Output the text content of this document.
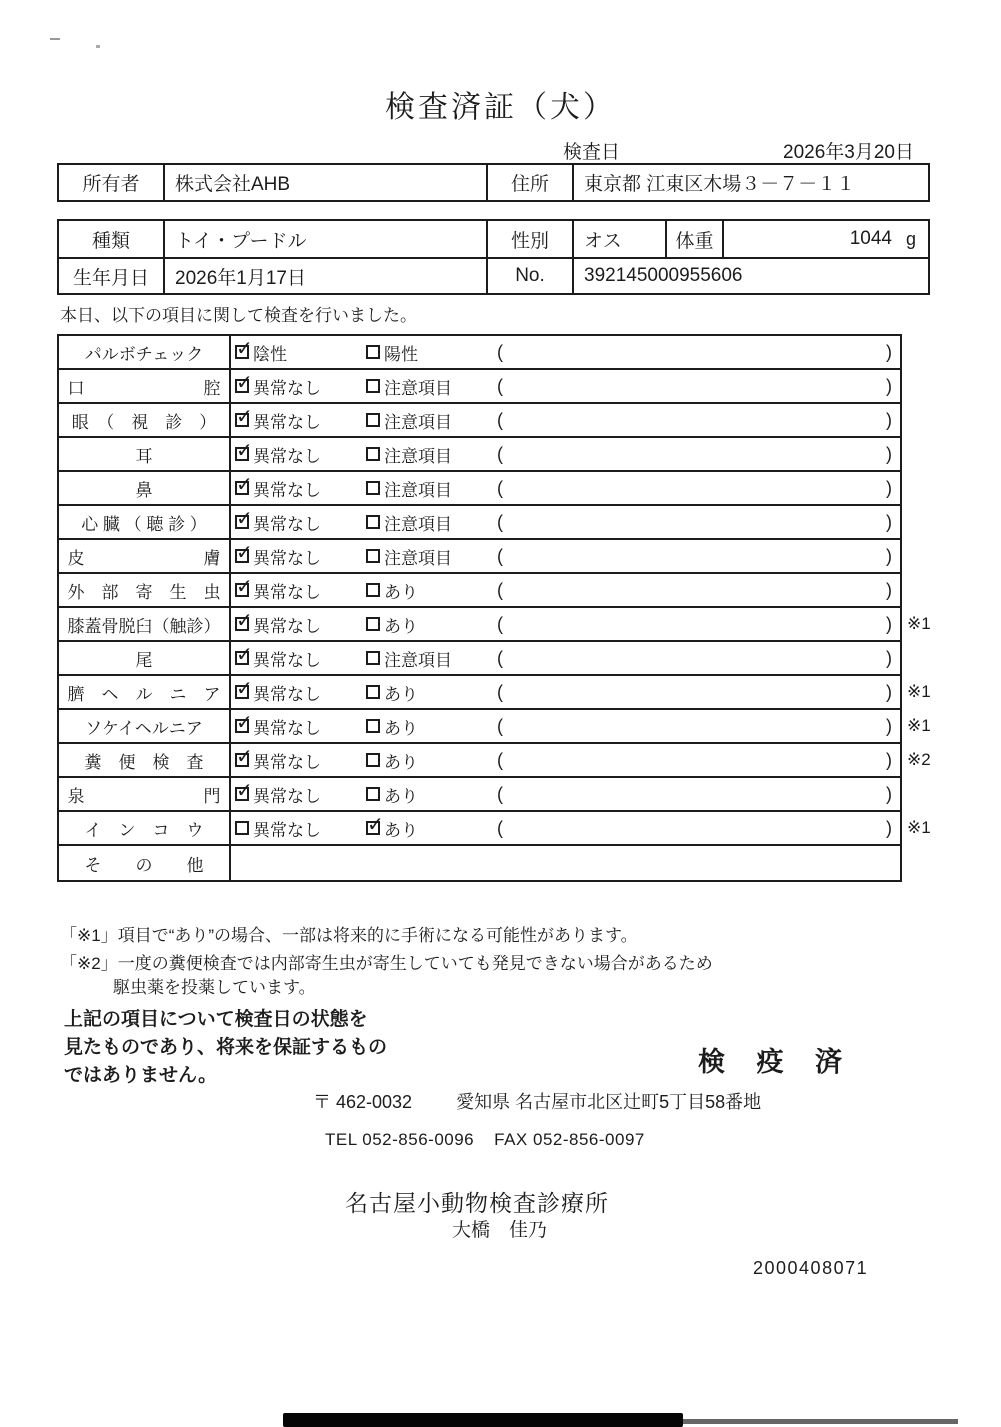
検査済証（犬）
検査日	2026年3月20日
所有者	株式会社AHB	住所	東京都 江東区木場３－７－１１
種類	トイ・プードル	性別	オス	体重	1044 g
生年月日	2026年1月17日	No.	392145000955606
本日、以下の項目に関して検査を行いました。
パルボチェック ✓	陰性	陽性	(	)
口　　　　　　　腔 ✓	異常なし	注意項目	(	)
眼　（　視　診　） ✓	異常なし	注意項目	(	)
耳 ✓	異常なし	注意項目	(	)
鼻 ✓	異常なし	注意項目	(	)
心 臓 （ 聴 診 ） ✓	異常なし	注意項目	(	)
皮　　　　　　　膚 ✓	異常なし	注意項目	(	)
外　部　寄　生　虫 ✓	異常なし	あり	(	)
膝蓋骨脱臼（触診） ✓	異常なし	あり	(	) ※1
尾 ✓	異常なし	注意項目	(	)
臍　ヘ　ル　ニ　ア ✓	異常なし	あり	(	) ※1
ソケイヘルニア ✓	異常なし	あり	(	) ※1
糞　便　検　査 ✓	異常なし	あり	(	) ※2
泉　　　　　　　門 ✓	異常なし	あり	(	)
イ　ン　コ　ウ	異常なし ✓	あり	(	) ※1
そ　　の　　他
「※1」項目で“あり”の場合、一部は将来的に手術になる可能性があります。
「※2」一度の糞便検査では内部寄生虫が寄生していても発見できない場合があるため
駆虫薬を投薬しています。
上記の項目について検査日の状態を
見たものであり、将来を保証するもの
ではありません。	検 疫 済
〒 462-0032 愛知県 名古屋市北区辻町5丁目58番地
TEL 052-856-0096 FAX 052-856-0097
名古屋小動物検査診療所
大橋　佳乃
2000408071
